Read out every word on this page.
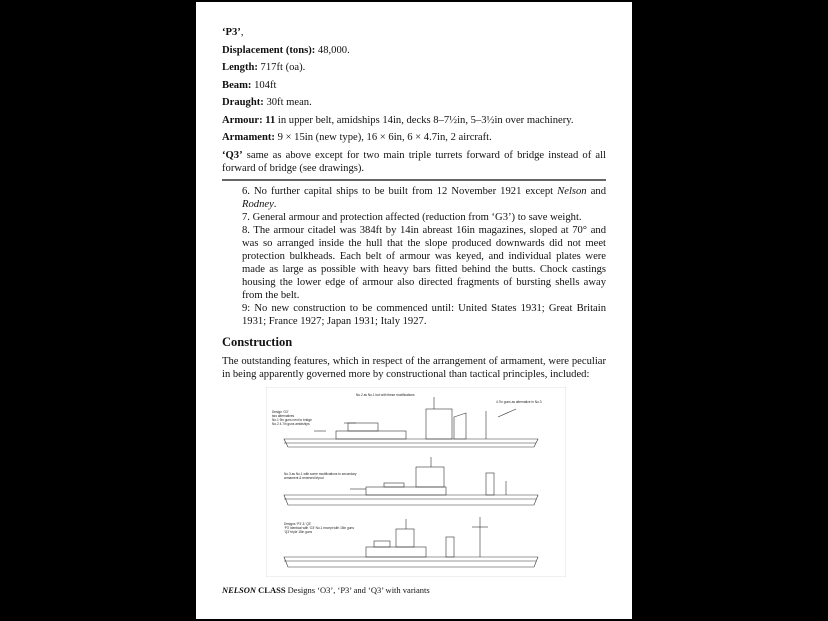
‘P3’,

Displacement (tons): 48,000.

Length: 717ft (oa).

Beam: 104ft

Draught: 30ft mean.

Armour: 11 in upper belt, amidships 14in, decks 8–7½in, 5–3½in over machinery.

Armament: 9 × 15in (new type), 16 × 6in, 6 × 4.7in, 2 aircraft.

‘Q3’ same as above except for two main triple turrets forward of bridge instead of all forward of bridge (see drawings).

6. No further capital ships to be built from 12 November 1921 except Nelson and Rodney.

7. General armour and protection affected (reduction from ‘G3’) to save weight.

8. The armour citadel was 384ft by 14in abreast 16in magazines, sloped at 70° and was so arranged inside the hull that the slope produced downwards did not meet protection bulkheads. Each belt of armour was keyed, and individual plates were made as large as possible with heavy bars fitted behind the butts. Chock castings housing the lower edge of armour also directed fragments of bursting shells away from the belt.

9: No new construction to be commenced until: United States 1931; Great Britain 1931; France 1927; Japan 1931; Italy 1927.

Construction

The outstanding features, which in respect of the arrangement of armament, were peculiar in being apparently governed more by constructional than tactical principles, included:

No.2 as No.1 but with these modifications
4.7in guns as alternative in No.3
Design ‘O3’
two alternatives
No.1 9in guns next to bridge
No.2 4.7in guns amidships
No.3 as No.1 with some modifications to secondary
armament & reversed tripod
Designs ‘P3’ & ‘Q3’
‘P3’ identical with ‘O3’ No.1 except with 15in guns
‘Q3’ triple 15in guns
NELSON CLASS Designs ‘O3’, ‘P3’ and ‘Q3’ with variants
